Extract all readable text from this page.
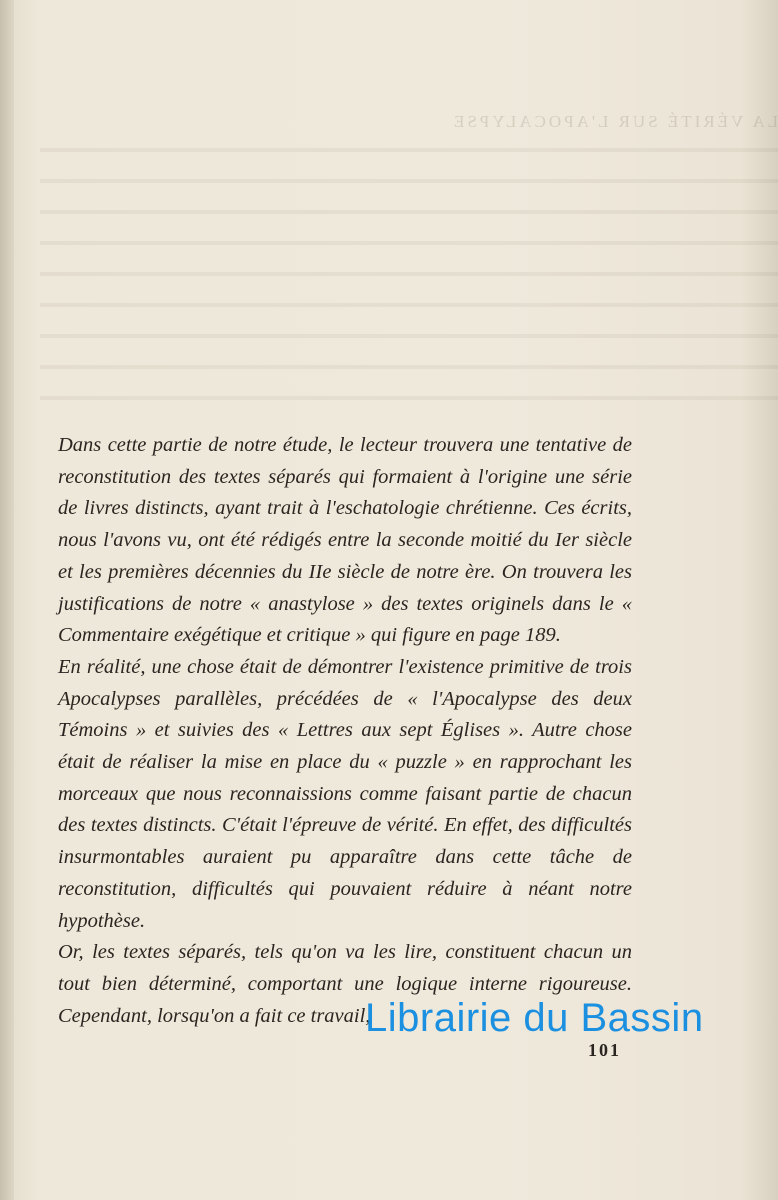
LA VÉRITÉ SUR L'APOCALYPSE

Dans cette partie de notre étude, le lecteur trouvera une tentative de reconstitution des textes séparés qui formaient à l'origine une série de livres distincts, ayant trait à l'eschatologie chrétienne. Ces écrits, nous l'avons vu, ont été rédigés entre la seconde moitié du Ier siècle et les premières décennies du IIe siècle de notre ère. On trouvera les justifications de notre « anastylose » des textes originels dans le « Commentaire exégétique et critique » qui figure en page 189.

En réalité, une chose était de démontrer l'existence primitive de trois Apocalypses parallèles, précédées de « l'Apocalypse des deux Témoins » et suivies des « Lettres aux sept Églises ». Autre chose était de réaliser la mise en place du « puzzle » en rapprochant les morceaux que nous reconnaissions comme faisant partie de chacun des textes distincts. C'était l'épreuve de vérité. En effet, des difficultés insurmontables auraient pu apparaître dans cette tâche de reconstitution, difficultés qui pouvaient réduire à néant notre hypothèse.

Or, les textes séparés, tels qu'on va les lire, constituent chacun un tout bien déterminé, comportant une logique interne rigoureuse. Cependant, lorsqu'on a fait ce travail,

101
Librairie du Bassin
